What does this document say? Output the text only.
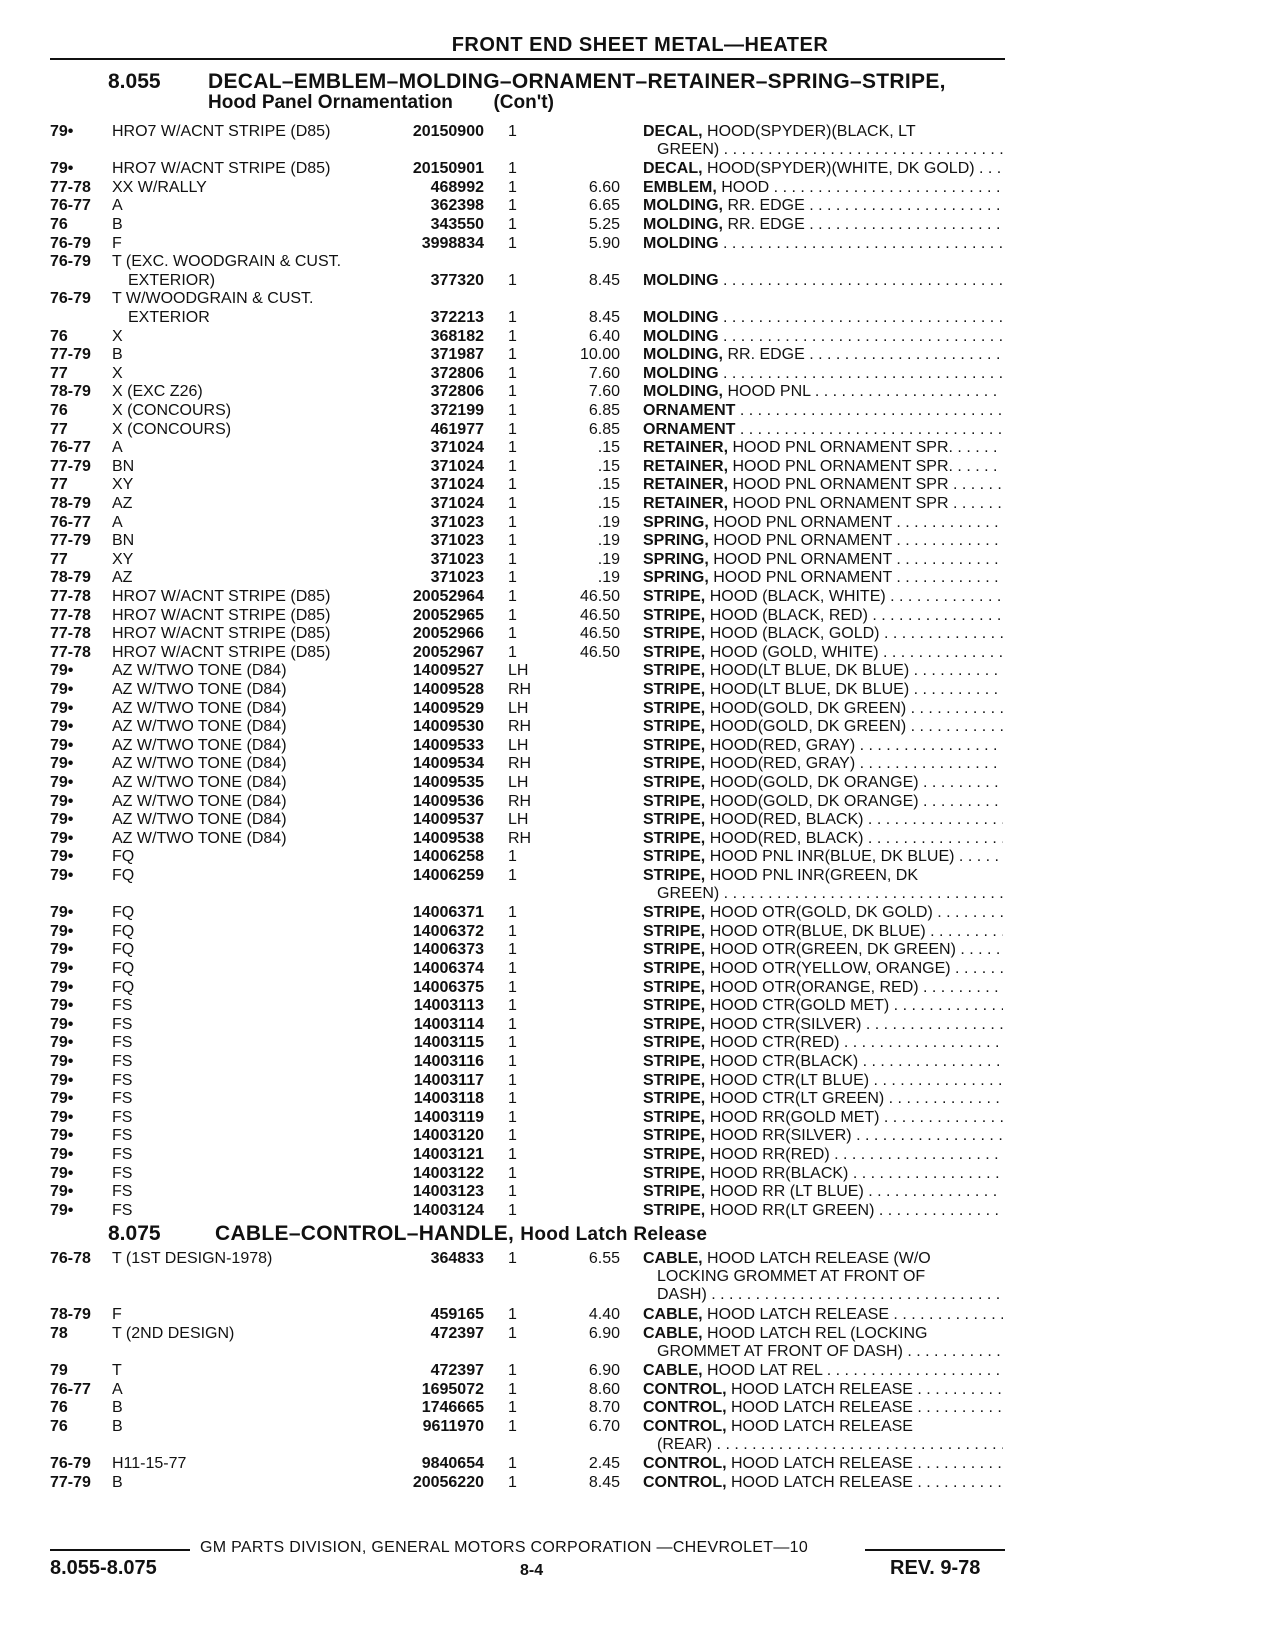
FRONT END SHEET METAL—HEATER
8.055 DECAL–EMBLEM–MOLDING–ORNAMENT–RETAINER–SPRING–STRIPE,
Hood Panel Ornamentation (Con't)
79• HRO7 W/ACNT STRIPE (D85)	20150900 1	DECAL, HOOD(SPYDER)(BLACK, LT
GREEN) . . .
79• HRO7 W/ACNT STRIPE (D85)	20150901 1	DECAL, HOOD(SPYDER)(WHITE, DK GOLD) . . .
77-78 XX W/RALLY	468992 1	6.60 EMBLEM, HOOD . . .
76-77 A	362398 1	6.65 MOLDING, RR. EDGE . . .
76	B	343550 1	5.25 MOLDING, RR. EDGE . . .
76-79 F	3998834 1	5.90 MOLDING . . .
76-79 T (EXC. WOODGRAIN & CUST.
EXTERIOR)	377320 1	8.45 MOLDING . . .
76-79 T W/WOODGRAIN & CUST.
EXTERIOR	372213 1	8.45 MOLDING . . .
76	X	368182 1	6.40 MOLDING . . .
77-79 B	371987 1	10.00 MOLDING, RR. EDGE . . .
77	X	372806 1	7.60 MOLDING . . .
78-79 X (EXC Z26)	372806 1	7.60 MOLDING, HOOD PNL . . .
76	X (CONCOURS)	372199 1	6.85 ORNAMENT . . .
77	X (CONCOURS)	461977 1	6.85 ORNAMENT . . .
76-77 A	371024 1	.15 RETAINER, HOOD PNL ORNAMENT SPR. . . . .
77-79 BN	371024 1	.15 RETAINER, HOOD PNL ORNAMENT SPR. . . . .
77	XY	371024 1	.15 RETAINER, HOOD PNL ORNAMENT SPR . . . .
78-79 AZ	371024 1	.15 RETAINER, HOOD PNL ORNAMENT SPR . . . .
76-77 A	371023 1	.19 SPRING, HOOD PNL ORNAMENT . . .
77-79 BN	371023 1	.19 SPRING, HOOD PNL ORNAMENT . . .
77	XY	371023 1	.19 SPRING, HOOD PNL ORNAMENT . . .
78-79 AZ	371023 1	.19 SPRING, HOOD PNL ORNAMENT . . .
77-78 HRO7 W/ACNT STRIPE (D85)	20052964 1	46.50 STRIPE, HOOD (BLACK, WHITE) . . .
77-78 HRO7 W/ACNT STRIPE (D85)	20052965 1	46.50 STRIPE, HOOD (BLACK, RED) . . .
77-78 HRO7 W/ACNT STRIPE (D85)	20052966 1	46.50 STRIPE, HOOD (BLACK, GOLD) . . .
77-78 HRO7 W/ACNT STRIPE (D85)	20052967 1	46.50 STRIPE, HOOD (GOLD, WHITE) . . .
79• AZ W/TWO TONE (D84)	14009527 LH	STRIPE, HOOD(LT BLUE, DK BLUE) . . .
79• AZ W/TWO TONE (D84)	14009528 RH	STRIPE, HOOD(LT BLUE, DK BLUE) . . .
79• AZ W/TWO TONE (D84)	14009529 LH	STRIPE, HOOD(GOLD, DK GREEN) . . .
79• AZ W/TWO TONE (D84)	14009530 RH	STRIPE, HOOD(GOLD, DK GREEN) . . .
79• AZ W/TWO TONE (D84)	14009533 LH	STRIPE, HOOD(RED, GRAY) . . .
79• AZ W/TWO TONE (D84)	14009534 RH	STRIPE, HOOD(RED, GRAY) . . .
79• AZ W/TWO TONE (D84)	14009535 LH	STRIPE, HOOD(GOLD, DK ORANGE) . . .
79• AZ W/TWO TONE (D84)	14009536 RH	STRIPE, HOOD(GOLD, DK ORANGE) . . .
79• AZ W/TWO TONE (D84)	14009537 LH	STRIPE, HOOD(RED, BLACK) . . .
79• AZ W/TWO TONE (D84)	14009538 RH	STRIPE, HOOD(RED, BLACK) . . .
79• FQ	14006258 1	STRIPE, HOOD PNL INR(BLUE, DK BLUE) . . . .
79• FQ	14006259 1	STRIPE, HOOD PNL INR(GREEN, DK
GREEN) . . .
79• FQ	14006371 1	STRIPE, HOOD OTR(GOLD, DK GOLD) . . .
79• FQ	14006372 1	STRIPE, HOOD OTR(BLUE, DK BLUE) . . .
79• FQ	14006373 1	STRIPE, HOOD OTR(GREEN, DK GREEN) . . . .
79• FQ	14006374 1	STRIPE, HOOD OTR(YELLOW, ORANGE) . . . .
79• FQ	14006375 1	STRIPE, HOOD OTR(ORANGE, RED) . . .
79• FS	14003113 1	STRIPE, HOOD CTR(GOLD MET) . . .
79• FS	14003114 1	STRIPE, HOOD CTR(SILVER) . . .
79• FS	14003115 1	STRIPE, HOOD CTR(RED) . . .
79• FS	14003116 1	STRIPE, HOOD CTR(BLACK) . . .
79• FS	14003117 1	STRIPE, HOOD CTR(LT BLUE) . . .
79• FS	14003118 1	STRIPE, HOOD CTR(LT GREEN) . . .
79• FS	14003119 1	STRIPE, HOOD RR(GOLD MET) . . .
79• FS	14003120 1	STRIPE, HOOD RR(SILVER) . . .
79• FS	14003121 1	STRIPE, HOOD RR(RED) . . .
79• FS	14003122 1	STRIPE, HOOD RR(BLACK) . . .
79• FS	14003123 1	STRIPE, HOOD RR (LT BLUE) . . .
79• FS	14003124 1	STRIPE, HOOD RR(LT GREEN) . . .
8.075	CABLE–CONTROL–HANDLE, Hood Latch Release
76-78 T (1ST DESIGN-1978)	364833 1	6.55 CABLE, HOOD LATCH RELEASE (W/O
LOCKING GROMMET AT FRONT OF
DASH) . . .
78-79 F	459165 1	4.40 CABLE, HOOD LATCH RELEASE . . .
78	T (2ND DESIGN)	472397 1	6.90 CABLE, HOOD LATCH REL (LOCKING
GROMMET AT FRONT OF DASH) . . .
79	T	472397 1	6.90 CABLE, HOOD LAT REL . . .
76-77 A	1695072 1	8.60 CONTROL, HOOD LATCH RELEASE . . .
76	B	1746665 1	8.70 CONTROL, HOOD LATCH RELEASE . . .
76	B	9611970 1	6.70 CONTROL, HOOD LATCH RELEASE
(REAR) . . .
76-79 H11-15-77	9840654 1	2.45 CONTROL, HOOD LATCH RELEASE . . .
77-79 B	20056220 1	8.45 CONTROL, HOOD LATCH RELEASE . . .
GM PARTS DIVISION, GENERAL MOTORS CORPORATION —CHEVROLET—10
8.055-8.075	8-4	REV. 9-78
